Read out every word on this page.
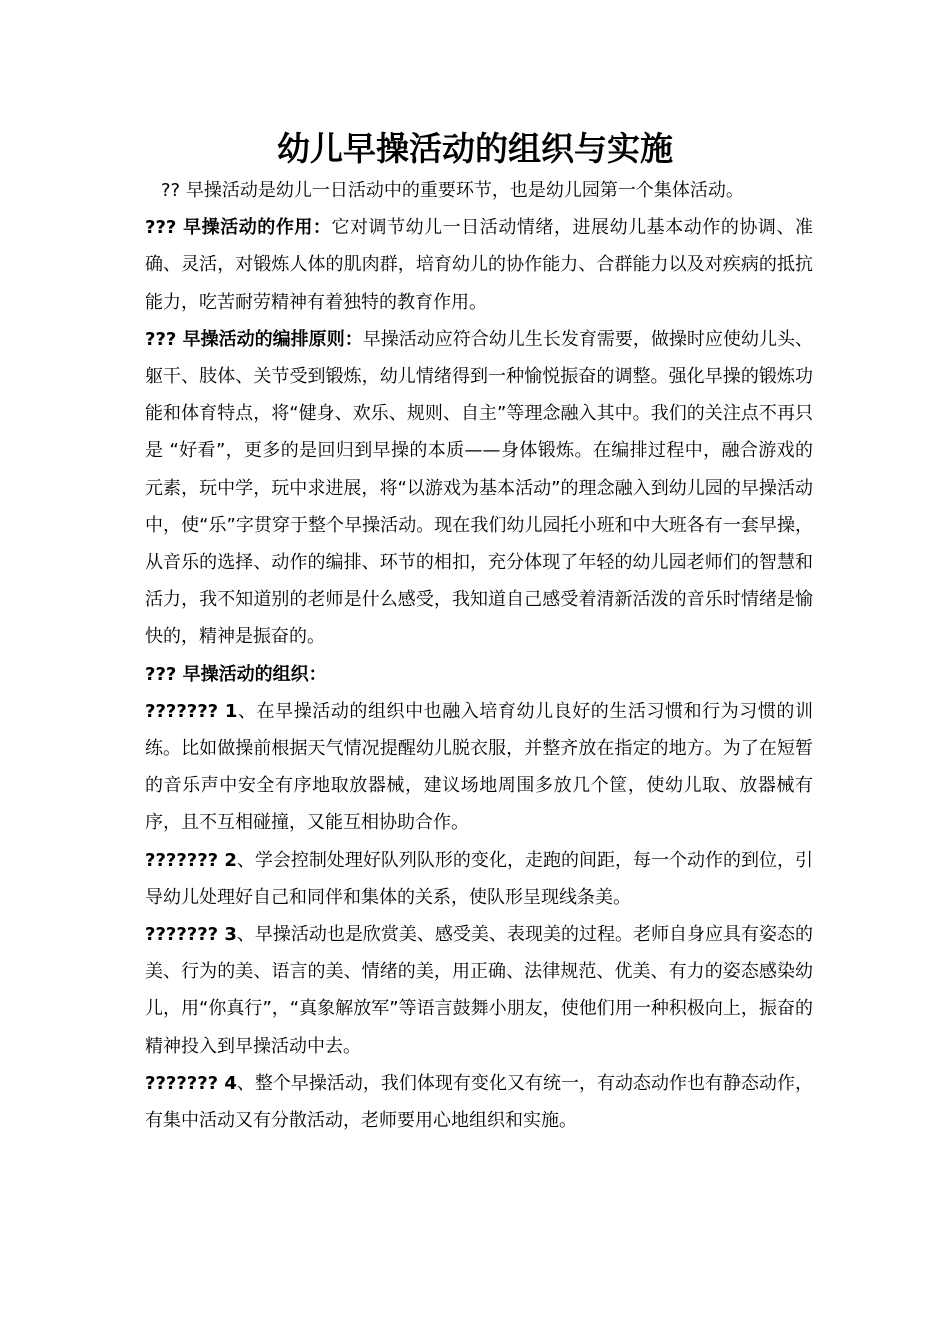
幼儿早操活动的组织与实施

?? 早操活动是幼儿一日活动中的重要环节，也是幼儿园第一个集体活动。

??? 早操活动的作用：它对调节幼儿一日活动情绪，进展幼儿基本动作的协调、准确、灵活，对锻炼人体的肌肉群，培育幼儿的协作能力、合群能力以及对疾病的抵抗能力，吃苦耐劳精神有着独特的教育作用。

??? 早操活动的编排原则：早操活动应符合幼儿生长发育需要，做操时应使幼儿头、躯干、肢体、关节受到锻炼，幼儿情绪得到一种愉悦振奋的调整。强化早操的锻炼功能和体育特点，将“健身、欢乐、规则、自主”等理念融入其中。我们的关注点不再只是 “好看”，更多的是回归到早操的本质——身体锻炼。在编排过程中，融合游戏的元素，玩中学，玩中求进展，将“以游戏为基本活动”的理念融入到幼儿园的早操活动中，使“乐”字贯穿于整个早操活动。现在我们幼儿园托小班和中大班各有一套早操，从音乐的选择、动作的编排、环节的相扣，充分体现了年轻的幼儿园老师们的智慧和活力，我不知道别的老师是什么感受，我知道自己感受着清新活泼的音乐时情绪是愉快的，精神是振奋的。

??? 早操活动的组织：

??????? 1、在早操活动的组织中也融入培育幼儿良好的生活习惯和行为习惯的训练。比如做操前根据天气情况提醒幼儿脱衣服，并整齐放在指定的地方。为了在短暂的音乐声中安全有序地取放器械，建议场地周围多放几个筐，使幼儿取、放器械有序，且不互相碰撞，又能互相协助合作。

??????? 2、学会控制处理好队列队形的变化，走跑的间距，每一个动作的到位，引导幼儿处理好自己和同伴和集体的关系，使队形呈现线条美。

??????? 3、早操活动也是欣赏美、感受美、表现美的过程。老师自身应具有姿态的美、行为的美、语言的美、情绪的美，用正确、法律规范、优美、有力的姿态感染幼儿，用“你真行”，“真象解放军”等语言鼓舞小朋友，使他们用一种积极向上，振奋的精神投入到早操活动中去。

??????? 4、整个早操活动，我们体现有变化又有统一，有动态动作也有静态动作，有集中活动又有分散活动，老师要用心地组织和实施。
